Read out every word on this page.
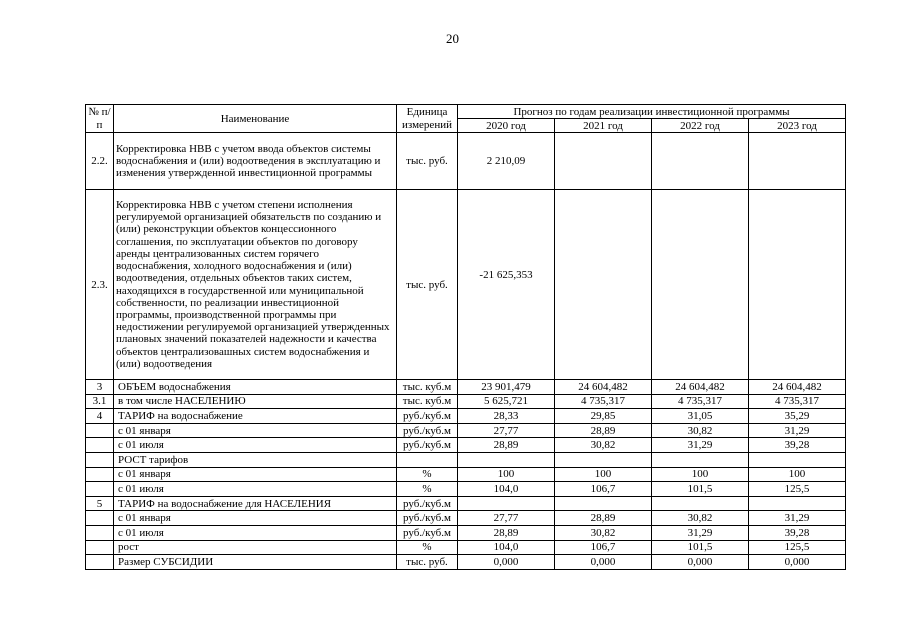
20
№ п/п	Наименование	Единица измерений	Прогноз по годам реализации инвестиционной программы			
			2020 год	2021 год	2022 год	2023 год
2.2.	Корректировка НВВ с учетом ввода объектов системы водоснабжения и (или) водоотведения в эксплуатацию и изменения утвержденной инвестиционной программы	тыс. руб.	2 210,09			
2.3.	Корректировка НВВ с учетом степени исполнения регулируемой организацией обязательств по созданию и (или) реконструкции объектов концессионного соглашения, по эксплуатации объектов по договору аренды централизованных систем горячего водоснабжения, холодного водоснабжения и (или) водоотведения, отдельных объектов таких систем, находящихся в государственной или муниципальной собственности, по реализации инвестиционной программы, производственной программы при недостижении регулируемой организацией утвержденных плановых значений показателей надежности и качества объектов централизовашных систем водоснабжения и (или) водоотведения	тыс. руб.	-21 625,353			
3	ОБЪЕМ водоснабжения	тыс. куб.м	23 901,479	24 604,482	24 604,482	24 604,482
3.1	в том числе НАСЕЛЕНИЮ	тыс. куб.м	5 625,721	4 735,317	4 735,317	4 735,317
4	ТАРИФ на водоснабжение	руб./куб.м	28,33	29,85	31,05	35,29
	с 01 января	руб./куб.м	27,77	28,89	30,82	31,29
	с 01 июля	руб./куб.м	28,89	30,82	31,29	39,28
	РОСТ тарифов					
	с 01 января	%	100	100	100	100
	с 01 июля	%	104,0	106,7	101,5	125,5
5	ТАРИФ на водоснабжение для НАСЕЛЕНИЯ	руб./куб.м				
	с 01 января	руб./куб.м	27,77	28,89	30,82	31,29
	с 01 июля	руб./куб.м	28,89	30,82	31,29	39,28
	рост	%	104,0	106,7	101,5	125,5
	Размер СУБСИДИИ	тыс. руб.	0,000	0,000	0,000	0,000
